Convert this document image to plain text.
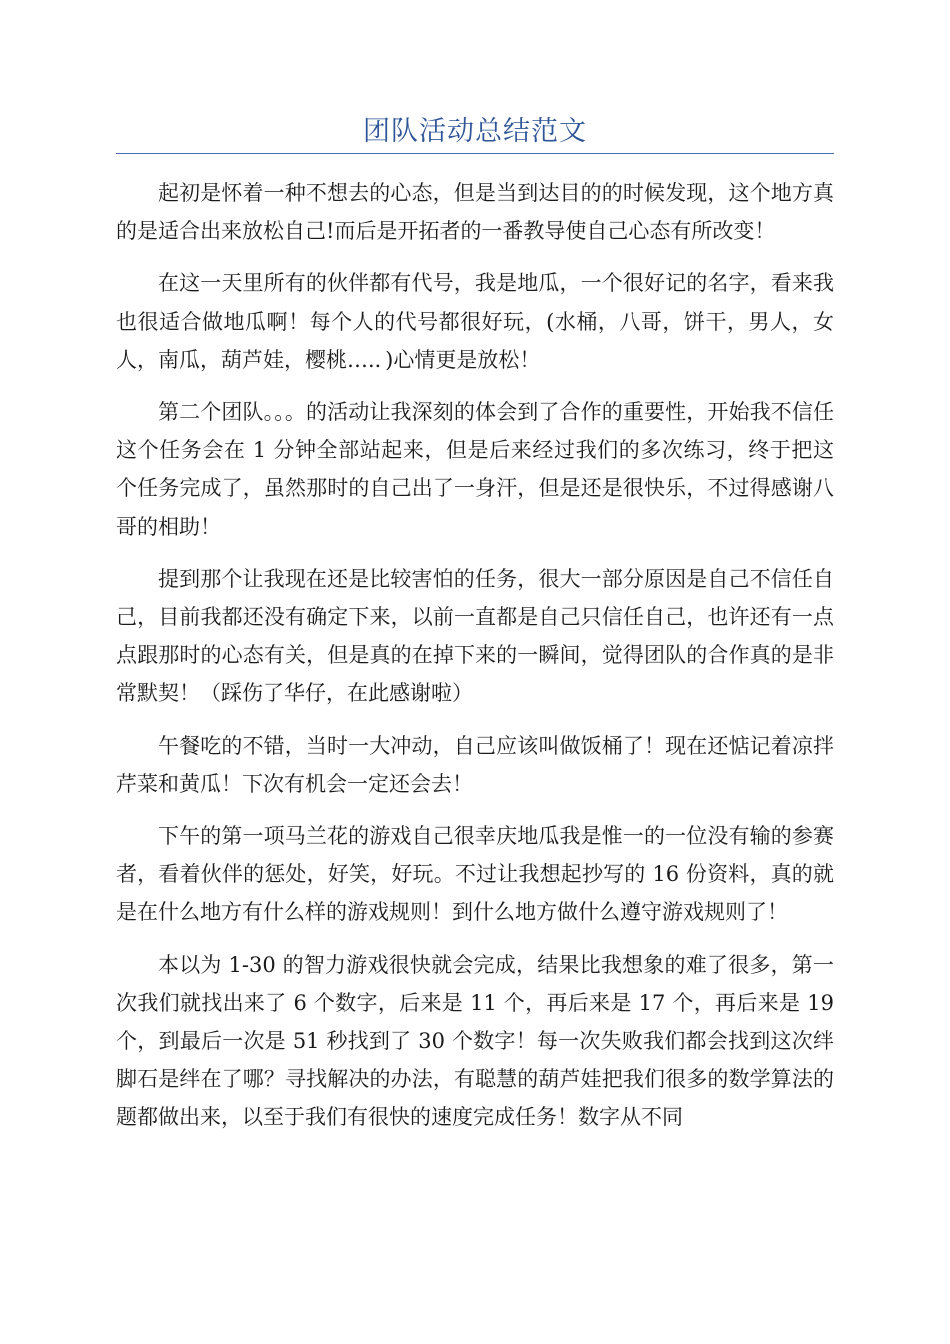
团队活动总结范文

起初是怀着一种不想去的心态，但是当到达目的的时候发现，这个地方真的是适合出来放松自己!而后是开拓者的一番教导使自己心态有所改变！

在这一天里所有的伙伴都有代号，我是地瓜，一个很好记的名字，看来我也很适合做地瓜啊！每个人的代号都很好玩，(水桶，八哥，饼干，男人，女人，南瓜，葫芦娃，樱桃….．)心情更是放松！

第二个团队。。。的活动让我深刻的体会到了合作的重要性，开始我不信任这个任务会在 1 分钟全部站起来，但是后来经过我们的多次练习，终于把这个任务完成了，虽然那时的自己出了一身汗，但是还是很快乐，不过得感谢八哥的相助！

提到那个让我现在还是比较害怕的任务，很大一部分原因是自己不信任自己，目前我都还没有确定下来，以前一直都是自己只信任自己，也许还有一点点跟那时的心态有关，但是真的在掉下来的一瞬间，觉得团队的合作真的是非常默契！（踩伤了华仔，在此感谢啦）

午餐吃的不错，当时一大冲动，自己应该叫做饭桶了！现在还惦记着凉拌芹菜和黄瓜！下次有机会一定还会去！

下午的第一项马兰花的游戏自己很幸庆地瓜我是惟一的一位没有输的参赛者，看着伙伴的惩处，好笑，好玩。不过让我想起抄写的 16 份资料，真的就是在什么地方有什么样的游戏规则！到什么地方做什么遵守游戏规则了！

本以为 1-30 的智力游戏很快就会完成，结果比我想象的难了很多，第一次我们就找出来了 6 个数字，后来是 11 个，再后来是 17 个，再后来是 19 个，到最后一次是 51 秒找到了 30 个数字！每一次失败我们都会找到这次绊脚石是绊在了哪？寻找解决的办法，有聪慧的葫芦娃把我们很多的数学算法的题都做出来，以至于我们有很快的速度完成任务！数字从不同
